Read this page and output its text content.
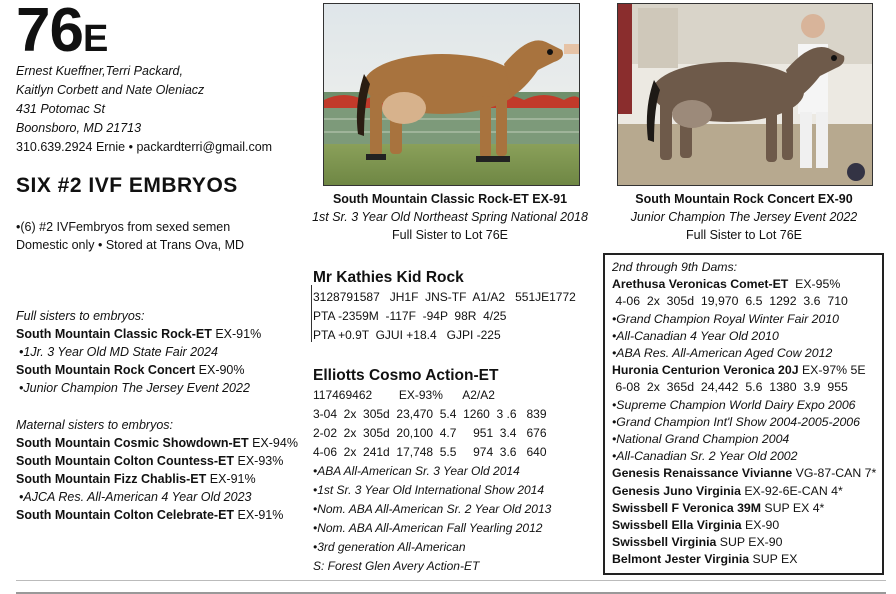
76E
Ernest Kueffner,Terri Packard,
Kaitlyn Corbett and Nate Oleniacz
431 Potomac St
Boonsboro, MD 21713
310.639.2924 Ernie • packardterri@gmail.com
SIX #2 IVF EMBRYOS
•(6) #2 IVFembryos from sexed semen
Domestic only • Stored at Trans Ova, MD
Full sisters to embryos:
South Mountain Classic Rock-ET EX-91%
•1Jr. 3 Year Old MD State Fair 2024
South Mountain Rock Concert EX-90%
•Junior Champion The Jersey Event 2022
Maternal sisters to embryos:
South Mountain Cosmic Showdown-ET EX-94%
South Mountain Colton Countess-ET EX-93%
South Mountain Fizz Chablis-ET EX-91%
•AJCA Res. All-American 4 Year Old 2023
South Mountain Colton Celebrate-ET EX-91%
South Mountain Classic Rock-ET EX-91
1st Sr. 3 Year Old Northeast Spring National 2018
Full Sister to Lot 76E
South Mountain Rock Concert EX-90
Junior Champion The Jersey Event 2022
Full Sister to Lot 76E
Mr Kathies Kid Rock
3128791587   JH1F  JNS-TF  A1/A2   551JE1772
PTA -2359M  -117F  -94P  98R  4/25
PTA +0.9T  GJUI +18.4   GJPI -225
Elliotts Cosmo Action-ET
117469462        EX-93%      A2/A2
3-04  2x  305d  23,470  5.4  1260  3 .6   839
2-02  2x  305d  20,100  4.7     951  3.4   676
4-06  2x  241d  17,748  5.5     974  3.6   640
•ABA All-American Sr. 3 Year Old 2014
•1st Sr. 3 Year Old International Show 2014
•Nom. ABA All-American Sr. 2 Year Old 2013
•Nom. ABA All-American Fall Yearling 2012
•3rd generation All-American
S: Forest Glen Avery Action-ET
2nd through 9th Dams:
Arethusa Veronicas Comet-ET  EX-95%
4-06  2x  305d  19,970  6.5  1292  3.6  710
•Grand Champion Royal Winter Fair 2010
•All-Canadian 4 Year Old 2010
•ABA Res. All-American Aged Cow 2012
Huronia Centurion Veronica 20J EX-97% 5E
6-08  2x  365d  24,442  5.6  1380  3.9  955
•Supreme Champion World Dairy Expo 2006
•Grand Champion Int'l Show 2004-2005-2006
•National Grand Champion 2004
•All-Canadian Sr. 2 Year Old 2002
Genesis Renaissance Vivianne VG-87-CAN 7*
Genesis Juno Virginia EX-92-6E-CAN 4*
Swissbell F Veronica 39M SUP EX 4*
Swissbell Ella Virginia EX-90
Swissbell Virginia SUP EX-90
Belmont Jester Virginia SUP EX
